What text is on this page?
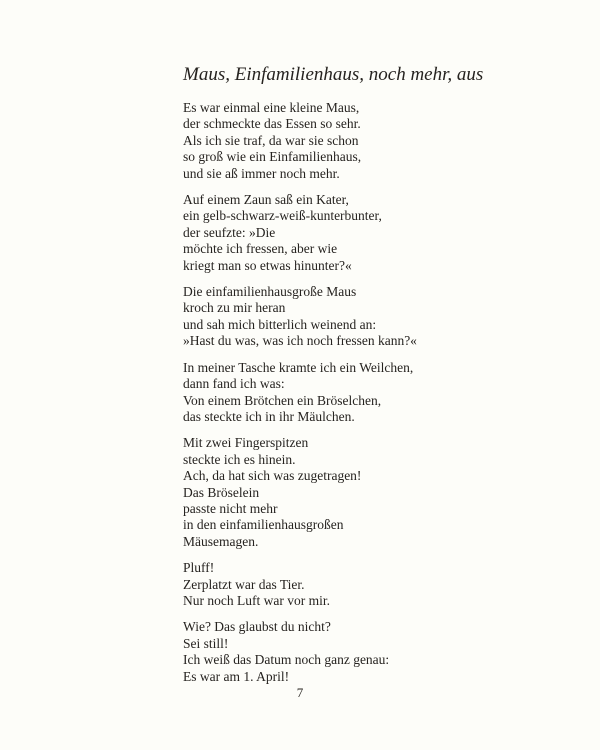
Maus, Einfamilienhaus, noch mehr, aus

Es war einmal eine kleine Maus,
der schmeckte das Essen so sehr.
Als ich sie traf, da war sie schon
so groß wie ein Einfamilienhaus,
und sie aß immer noch mehr.

Auf einem Zaun saß ein Kater,
ein gelb-schwarz-weiß-kunterbunter,
der seufzte: »Die
möchte ich fressen, aber wie
kriegt man so etwas hinunter?«

Die einfamilienhausgroße Maus
kroch zu mir heran
und sah mich bitterlich weinend an:
»Hast du was, was ich noch fressen kann?«

In meiner Tasche kramte ich ein Weilchen,
dann fand ich was:
Von einem Brötchen ein Bröselchen,
das steckte ich in ihr Mäulchen.

Mit zwei Fingerspitzen
steckte ich es hinein.
Ach, da hat sich was zugetragen!
Das Bröselein
passte nicht mehr
in den einfamilienhausgroßen
Mäusemagen.

Pluff!
Zerplatzt war das Tier.
Nur noch Luft war vor mir.

Wie? Das glaubst du nicht?
Sei still!
Ich weiß das Datum noch ganz genau:
Es war am 1. April!

7
